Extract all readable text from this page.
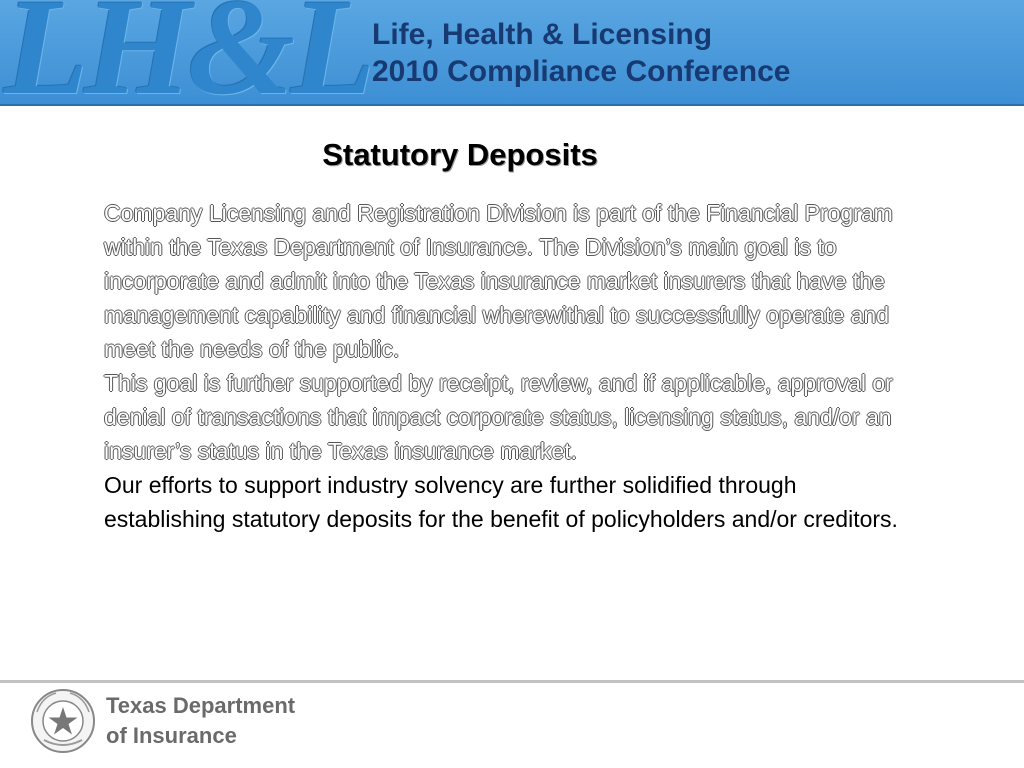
LH&L Life, Health & Licensing
2010 Compliance Conference
Statutory Deposits

Company Licensing and Registration Division is part of the Financial Program within the Texas Department of Insurance. The Division’s main goal is to incorporate and admit into the Texas insurance market insurers that have the management capability and financial wherewithal to successfully operate and meet the needs of the public.

This goal is further supported by receipt, review, and if applicable, approval or denial of transactions that impact corporate status, licensing status, and/or an insurer’s status in the Texas insurance market.

Our efforts to support industry solvency are further solidified through establishing statutory deposits for the benefit of policyholders and/or creditors.

Texas Department
of Insurance
